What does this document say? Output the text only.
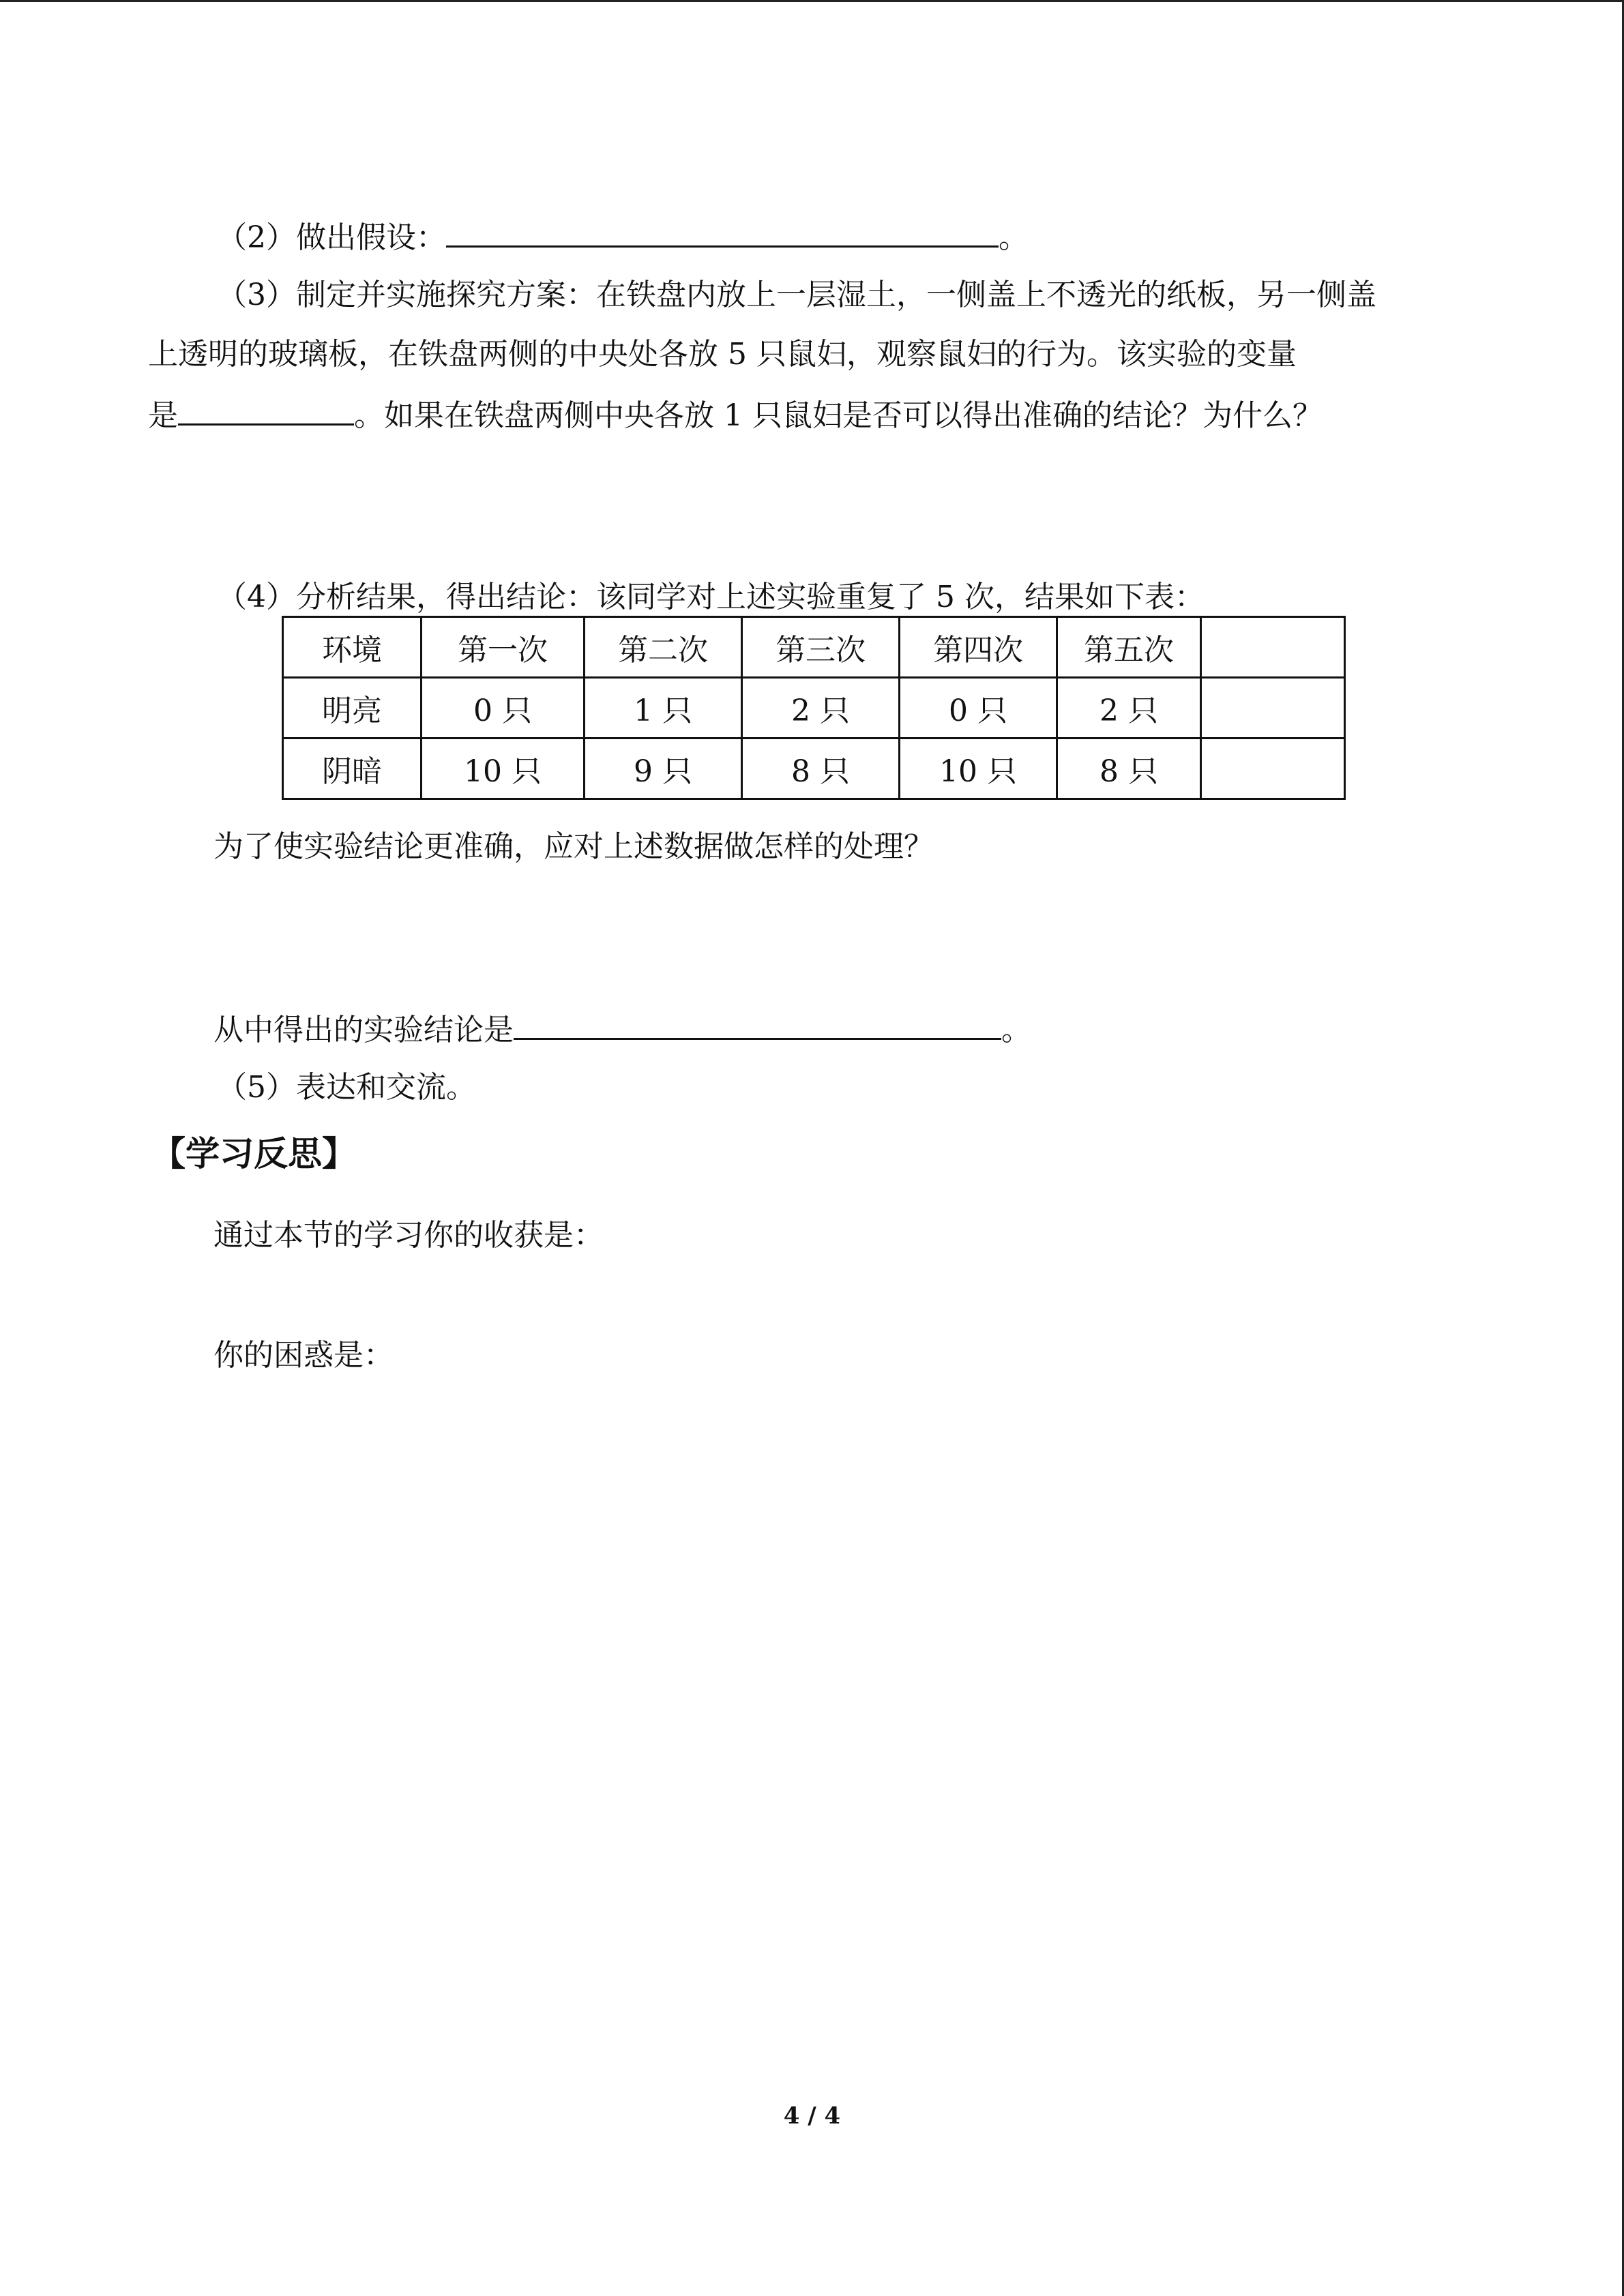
（2）做出假设：	。
（3）制定并实施探究方案：在铁盘内放上一层湿土，一侧盖上不透光的纸板，另一侧盖
上透明的玻璃板，在铁盘两侧的中央处各放 5 只鼠妇，观察鼠妇的行为。该实验的变量
是	。如果在铁盘两侧中央各放 1 只鼠妇是否可以得出准确的结论？为什么？
（4）分析结果，得出结论：该同学对上述实验重复了 5 次，结果如下表：
环境	第一次	第二次	第三次	第四次	第五次	
明亮	0 只	1 只	2 只	0 只	2 只	
阴暗	10 只	9 只	8 只	10 只	8 只	
为了使实验结论更准确，应对上述数据做怎样的处理？
从中得出的实验结论是	。
（5）表达和交流。
【学习反思】
通过本节的学习你的收获是：
你的困惑是：
4 / 4
